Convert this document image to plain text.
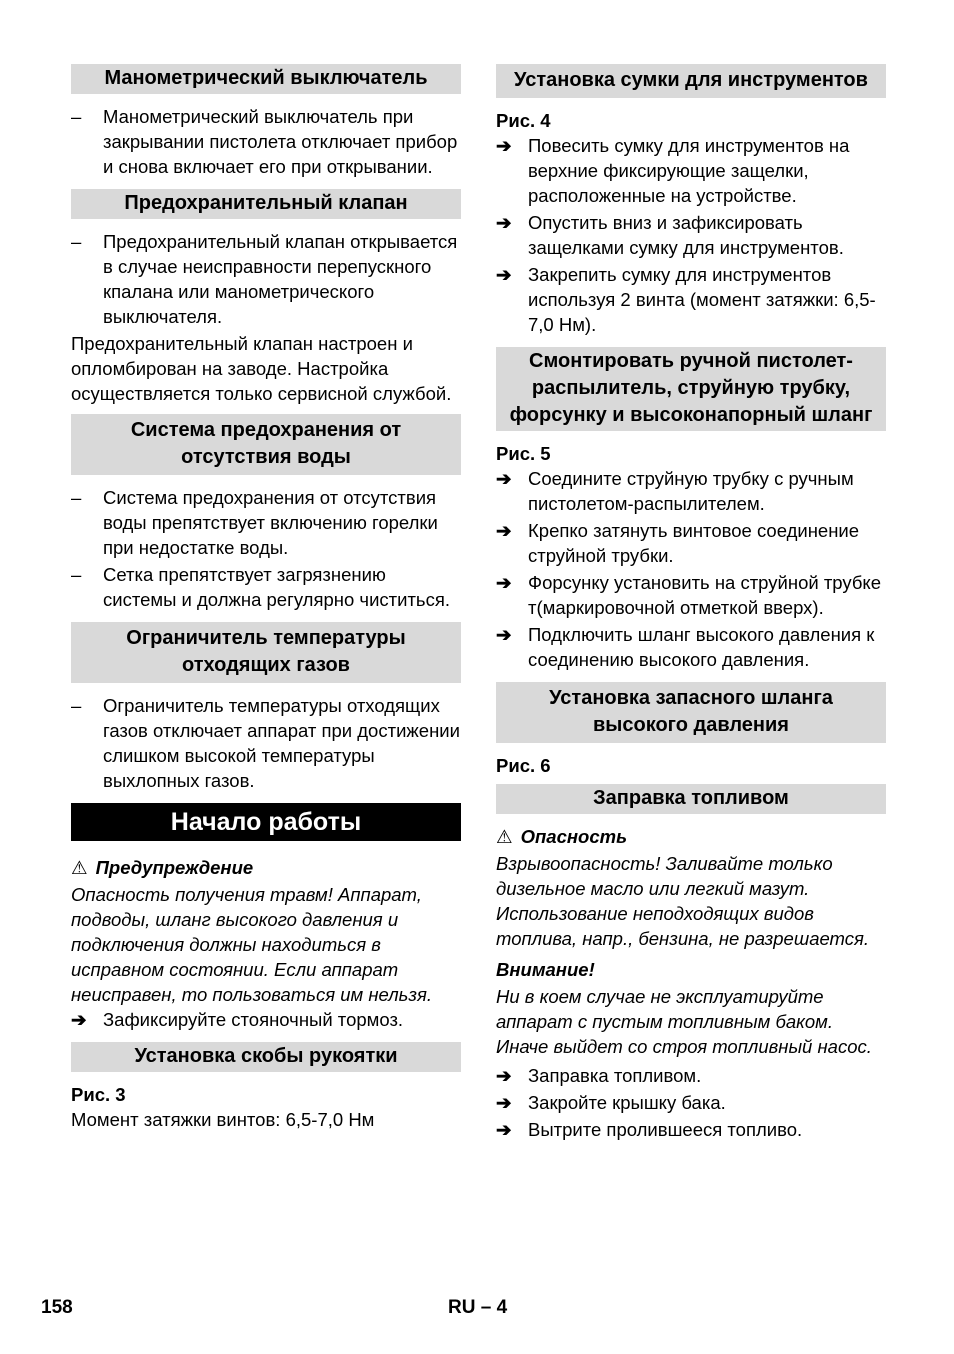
Манометрический выключатель
– Манометрический выключатель при закрывании пистолета отключает прибор и снова включает его при открывании.
Предохранительный клапан
– Предохранительный клапан открывается в случае неисправности перепускного кпалана или манометрического выключателя.
Предохранительный клапан настроен и опломбирован на заводе. Настройка осуществляется только сервисной службой.
Система предохранения от отсутствия воды
– Система предохранения от отсутствия воды препятствует включению горелки при недостатке воды.
– Сетка препятствует загрязнению системы и должна регулярно чиститься.
Ограничитель температуры отходящих газов
– Ограничитель температуры отходящих газов отключает аппарат при достижении слишком высокой температуры выхлопных газов.
Начало работы
⚠ Предупреждение
Опасность получения травм! Аппарат, подводы, шланг высокого давления и подключения должны находиться в исправном состоянии. Если аппарат неисправен, то пользоваться им нельзя.
➔ Зафиксируйте стояночный тормоз.
Установка скобы рукоятки
Рис. 3
Момент затяжки винтов: 6,5-7,0 Нм
Установка сумки для инструментов
Рис. 4
➔ Повесить сумку для инструментов на верхние фиксирующие защелки, расположенные на устройстве.
➔ Опустить вниз и зафиксировать защелками сумку для инструментов.
➔ Закрепить сумку для инструментов используя 2 винта (момент затяжки: 6,5-7,0 Нм).
Смонтировать ручной пистолет-распылитель, струйную трубку, форсунку и высоконапорный шланг
Рис. 5
➔ Соедините струйную трубку с ручным пистолетом-распылителем.
➔ Крепко затянуть винтовое соединение струйной трубки.
➔ Форсунку установить на струйной трубке т(маркировочной отметкой вверх).
➔ Подключить шланг высокого давления к соединению высокого давления.
Установка запасного шланга высокого давления
Рис. 6
Заправка топливом
⚠ Опасность
Взрывоопасность! Заливайте только дизельное масло или легкий мазут. Использование неподходящих видов топлива, напр., бензина, не разрешается.
Внимание!
Ни в коем случае не эксплуатируйте аппарат с пустым топливным баком. Иначе выйдет со строя топливный насос.
➔ Заправка топливом.
➔ Закройте крышку бака.
➔ Вытрите пролившееся топливо.
158	RU – 4
